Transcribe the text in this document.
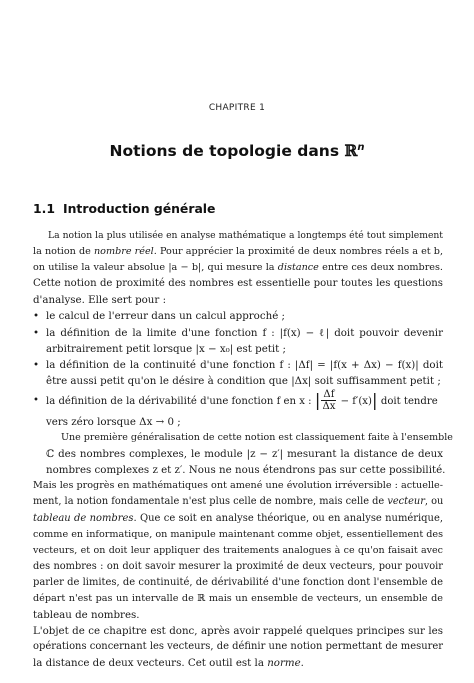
CHAPITRE 1
Notions de topologie dans ℝ$^n$
1.1 Introduction générale

La notion la plus utilisée en analyse mathématique a longtemps été tout simplement
la notion de nombre réel. Pour apprécier la proximité de deux nombres réels a et b,
on utilise la valeur absolue |a − b|, qui mesure la distance entre ces deux nombres.
Cette notion de proximité des nombres est essentielle pour toutes les questions
d'analyse. Elle sert pour :

• le calcul de l'erreur dans un calcul approché ;
• la définition de la limite d'une fonction f : |f(x) − ℓ| doit pouvoir devenir
arbitrairement petit lorsque |x − x₀| est petit ;
• la définition de la continuité d'une fonction f : |Δf| = |f(x + Δx) − f(x)| doit
être aussi petit qu'on le désire à condition que |Δx| soit suffisamment petit ;
• la définition de la dérivabilité d'une fonction f en x : | $\frac{\Delta f}{\Delta x} - f'(x)|$ doit tendre
vers zéro lorsque Δx → 0 ;

Une première généralisation de cette notion est classiquement faite à l'ensemble
ℂ des nombres complexes, le module |z − z′| mesurant la distance de deux
nombres complexes z et z′. Nous ne nous étendrons pas sur cette possibilité.

Mais les progrès en mathématiques ont amené une évolution irréversible : actuelle-
ment, la notion fondamentale n'est plus celle de nombre, mais celle de vecteur, ou
tableau de nombres. Que ce soit en analyse théorique, ou en analyse numérique,
comme en informatique, on manipule maintenant comme objet, essentiellement des
vecteurs, et on doit leur appliquer des traitements analogues à ce qu'on faisait avec
des nombres : on doit savoir mesurer la proximité de deux vecteurs, pour pouvoir
parler de limites, de continuité, de dérivabilité d'une fonction dont l'ensemble de
départ n'est pas un intervalle de ℝ mais un ensemble de vecteurs, un ensemble de
tableau de nombres.

L'objet de ce chapitre est donc, après avoir rappelé quelques principes sur les
opérations concernant les vecteurs, de définir une notion permettant de mesurer
la distance de deux vecteurs. Cet outil est la norme.
